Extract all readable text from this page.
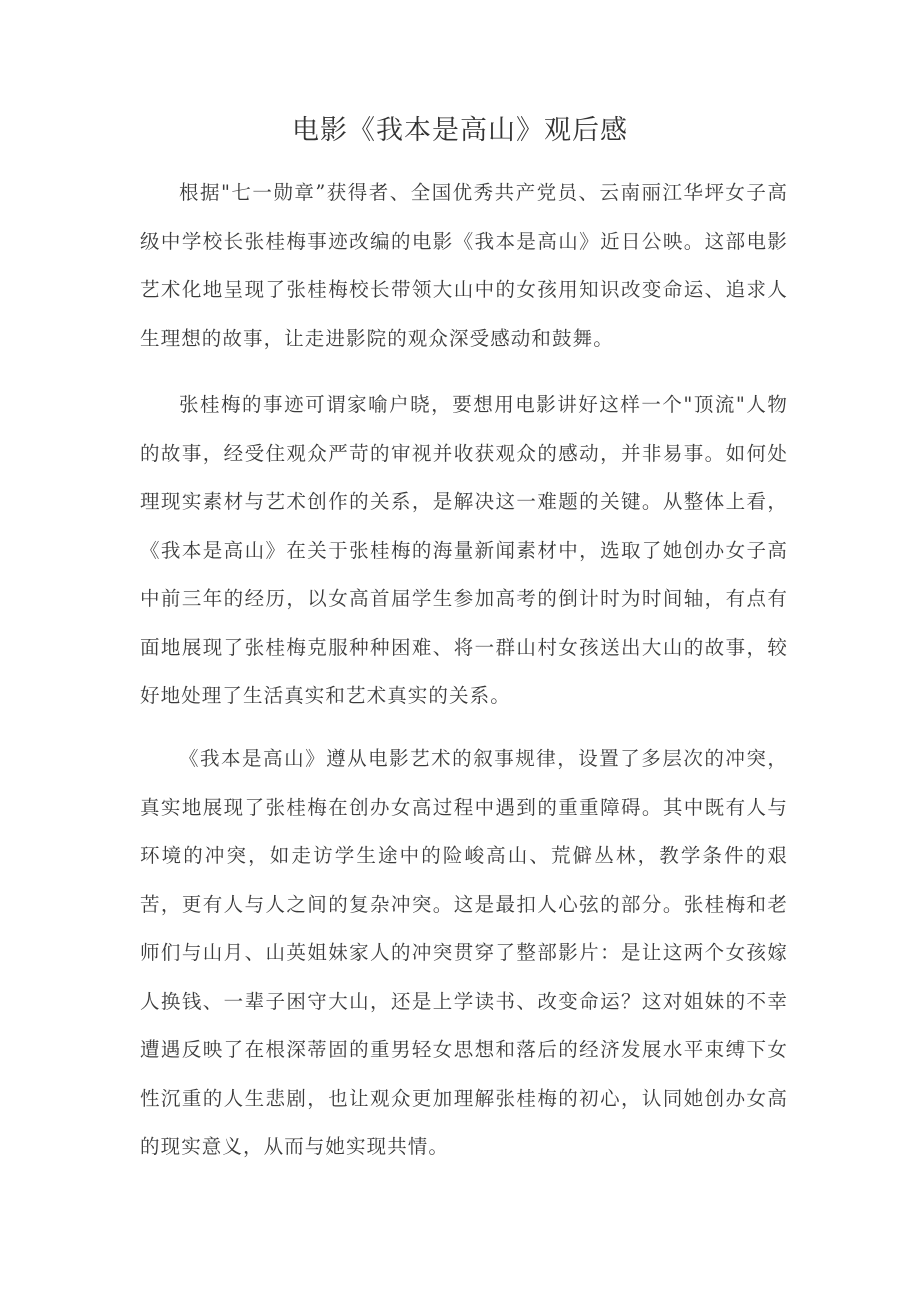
电影《我本是高山》观后感

根据"七一勋章”获得者、全国优秀共产党员、云南丽江华坪女子高级中学校长张桂梅事迹改编的电影《我本是高山》近日公映。这部电影艺术化地呈现了张桂梅校长带领大山中的女孩用知识改变命运、追求人生理想的故事，让走进影院的观众深受感动和鼓舞。

张桂梅的事迹可谓家喻户晓，要想用电影讲好这样一个"顶流"人物的故事，经受住观众严苛的审视并收获观众的感动，并非易事。如何处理现实素材与艺术创作的关系，是解决这一难题的关键。从整体上看，《我本是高山》在关于张桂梅的海量新闻素材中，选取了她创办女子高中前三年的经历，以女高首届学生参加高考的倒计时为时间轴，有点有面地展现了张桂梅克服种种困难、将一群山村女孩送出大山的故事，较好地处理了生活真实和艺术真实的关系。

《我本是高山》遵从电影艺术的叙事规律，设置了多层次的冲突，真实地展现了张桂梅在创办女高过程中遇到的重重障碍。其中既有人与环境的冲突，如走访学生途中的险峻高山、荒僻丛林，教学条件的艰苦，更有人与人之间的复杂冲突。这是最扣人心弦的部分。张桂梅和老师们与山月、山英姐妹家人的冲突贯穿了整部影片：是让这两个女孩嫁人换钱、一辈子困守大山，还是上学读书、改变命运？这对姐妹的不幸遭遇反映了在根深蒂固的重男轻女思想和落后的经济发展水平束缚下女性沉重的人生悲剧，也让观众更加理解张桂梅的初心，认同她创办女高的现实意义，从而与她实现共情。
